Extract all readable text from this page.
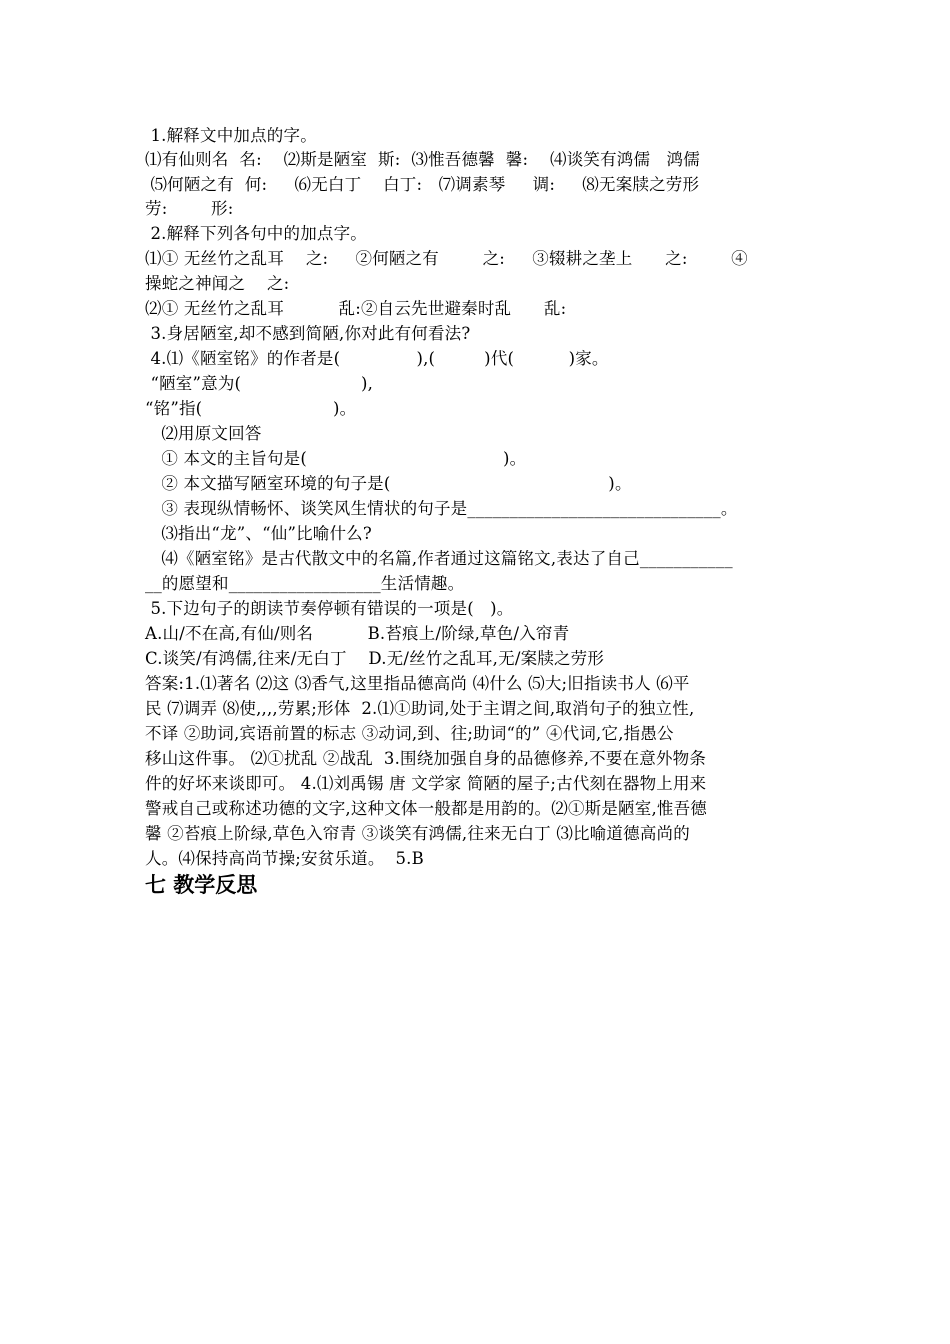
1.解释文中加点的字。
⑴有仙则名  名:    ⑵斯是陋室  斯:  ⑶惟吾德馨  馨:    ⑷谈笑有鸿儒   鸿儒
⑸何陋之有  何:     ⑹无白丁    白丁:   ⑺调素琴     调:     ⑻无案牍之劳形
劳:        形:
2.解释下列各句中的加点字。
⑴① 无丝竹之乱耳    之:     ②何陋之有        之:     ③辍耕之垄上      之:        ④
操蛇之神闻之    之:
⑵① 无丝竹之乱耳          乱:②自云先世避秦时乱      乱:
3.身居陋室,却不感到简陋,你对此有何看法?
4.⑴《陋室铭》的作者是(              ),(         )代(          )家。
“陋室”意为(                      ),
“铭”指(                        )。
⑵用原文回答
① 本文的主旨句是(                                    )。
② 本文描写陋室环境的句子是(                                        )。
③ 表现纵情畅怀、谈笑风生情状的句子是______________________________。
⑶指出“龙”、“仙”比喻什么?
⑷《陋室铭》是古代散文中的名篇,作者通过这篇铭文,表达了自己___________
__的愿望和__________________生活情趣。
5.下边句子的朗读节奏停顿有错误的一项是(   )。
A.山/不在高,有仙/则名          B.苔痕上/阶绿,草色/入帘青
C.谈笑/有鸿儒,往来/无白丁    D.无/丝竹之乱耳,无/案牍之劳形
答案:1.⑴著名 ⑵这 ⑶香气,这里指品德高尚 ⑷什么 ⑸大;旧指读书人 ⑹平
民 ⑺调弄 ⑻使,,,,劳累;形体  2.⑴①助词,处于主谓之间,取消句子的独立性,
不译 ②助词,宾语前置的标志 ③动词,到、往;助词“的” ④代词,它,指愚公
移山这件事。 ⑵①扰乱 ②战乱  3.围绕加强自身的品德修养,不要在意外物条
件的好坏来谈即可。 4.⑴刘禹锡 唐 文学家 简陋的屋子;古代刻在器物上用来
警戒自己或称述功德的文字,这种文体一般都是用韵的。⑵①斯是陋室,惟吾德
馨 ②苔痕上阶绿,草色入帘青 ③谈笑有鸿儒,往来无白丁 ⑶比喻道德高尚的
人。⑷保持高尚节操;安贫乐道。  5.B
七 教学反思
